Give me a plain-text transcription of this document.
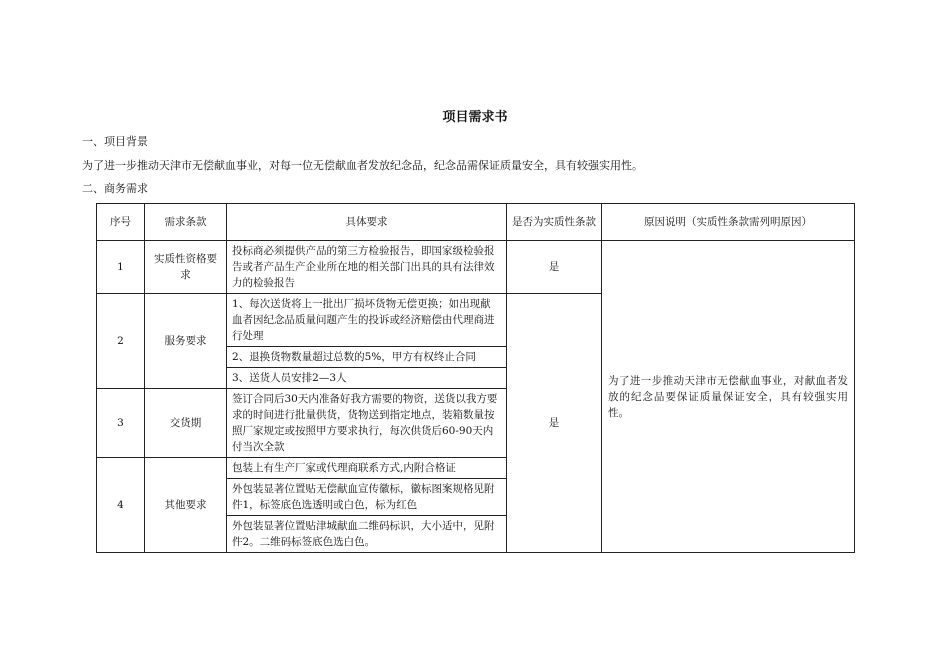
项目需求书
一、项目背景
为了进一步推动天津市无偿献血事业，对每一位无偿献血者发放纪念品，纪念品需保证质量安全，具有较强实用性。
二、商务需求
序号	需求条款	具体要求	是否为实质性条款	原因说明（实质性条款需列明原因）
1	实质性资格要求	投标商必须提供产品的第三方检验报告，即国家级检验报告或者产品生产企业所在地的相关部门出具的具有法律效力的检验报告	是	为了进一步推动天津市无偿献血事业，对献血者发放的纪念品要保证质量保证安全，具有较强实用性。
2	服务要求	1、每次送货将上一批出厂损坏货物无偿更换；如出现献血者因纪念品质量问题产生的投诉或经济赔偿由代理商进行处理	是	
		2、退换货物数量超过总数的5%，甲方有权终止合同		
		3、送货人员安排2—3人		
3	交货期	签订合同后30天内准备好我方需要的物资，送货以我方要求的时间进行批量供货，货物送到指定地点，装箱数量按照厂家规定或按照甲方要求执行，每次供货后60-90天内付当次全款		
4	其他要求	包装上有生产厂家或代理商联系方式,内附合格证		
		外包装显著位置贴无偿献血宣传徽标，徽标图案规格见附件1，标签底色选透明或白色，标为红色		
		外包装显著位置贴津城献血二维码标识，大小适中，见附件2。二维码标签底色选白色。		
